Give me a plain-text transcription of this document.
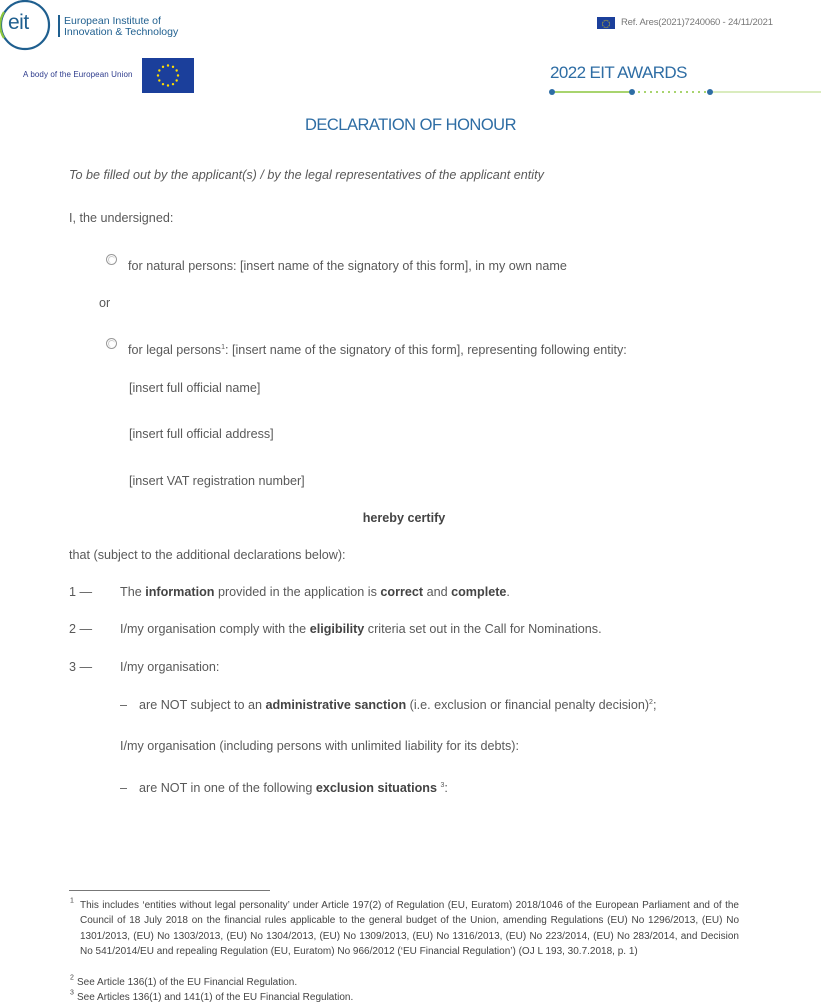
eit	European Institute of
Innovation & Technology
A body of the European Union
Ref. Ares(2021)7240060 - 24/11/2021
2022 EIT AWARDS
DECLARATION OF HONOUR
To be filled out by the applicant(s) / by the legal representatives of the applicant entity
I, the undersigned:
for natural persons: [insert name of the signatory of this form], in my own name
or
for legal persons$^1$: [insert name of the signatory of this form], representing following entity:
[insert full official name]
[insert full official address]
[insert VAT registration number]
hereby certify
that (subject to the additional declarations below):
1 — The information provided in the application is correct and complete.
2 — I/my organisation comply with the eligibility criteria set out in the Call for Nominations.
3 — I/my organisation:
– are NOT subject to an administrative sanction (i.e. exclusion or financial penalty decision)$^2$;
I/my organisation (including persons with unlimited liability for its debts):
– are NOT in one of the following exclusion situations $^3$:
$^1$ This includes ‘entities without legal personality’ under Article 197(2) of Regulation (EU, Euratom) 2018/1046 of the European Parliament and of the Council of 18 July 2018 on the financial rules applicable to the general budget of the Union, amending Regulations (EU) No 1296/2013, (EU) No 1301/2013, (EU) No 1303/2013, (EU) No 1304/2013, (EU) No 1309/2013, (EU) No 1316/2013, (EU) No 223/2014, (EU) No 283/2014, and Decision No 541/2014/EU and repealing Regulation (EU, Euratom) No 966/2012 (‘EU Financial Regulation’) (OJ L 193, 30.7.2018, p. 1)
$^2$ See Article 136(1) of the EU Financial Regulation.
$^3$ See Articles 136(1) and 141(1) of the EU Financial Regulation.
